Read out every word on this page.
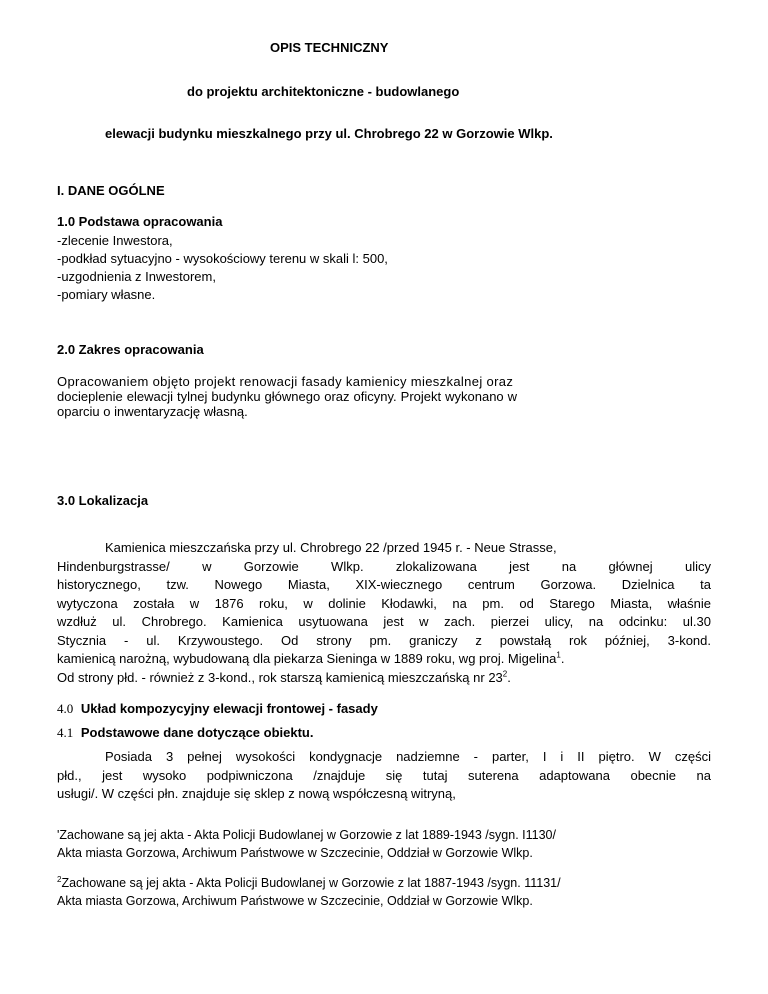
OPIS TECHNICZNY
do projektu architektoniczne - budowlanego
elewacji budynku mieszkalnego przy ul. Chrobrego 22 w Gorzowie Wlkp.
I. DANE OGÓLNE
1.0 Podstawa opracowania
-zlecenie Inwestora,
-podkład sytuacyjno - wysokościowy terenu w skali l: 500,
-uzgodnienia z Inwestorem,
-pomiary własne.
2.0 Zakres opracowania
Opracowaniem objęto projekt renowacji fasady kamienicy mieszkalnej oraz
docieplenie elewacji tylnej budynku głównego oraz oficyny. Projekt wykonano w
oparciu o inwentaryzację własną.
3.0 Lokalizacja
Kamienica mieszczańska przy ul. Chrobrego 22 /przed 1945 r. - Neue Strasse,
Hindenburgstrasse/ w Gorzowie Wlkp. zlokalizowana jest na głównej ulicy
historycznego, tzw. Nowego Miasta, XIX-wiecznego centrum Gorzowa. Dzielnica ta
wytyczona została w 1876 roku, w dolinie Kłodawki, na pm. od Starego Miasta, właśnie
wzdłuż ul. Chrobrego. Kamienica usytuowana jest w zach. pierzei ulicy, na odcinku: ul.30
Stycznia - ul. Krzywoustego. Od strony pm. graniczy z powstałą rok później, 3-kond.
kamienicą narożną, wybudowaną dla piekarza Sieninga w 1889 roku, wg proj. Migelina$^1$.
Od strony płd. - również z 3-kond., rok starszą kamienicą mieszczańską nr $23^2$.
4.0 Układ kompozycyjny elewacji frontowej - fasady
4.1 Podstawowe dane dotyczące obiektu.
Posiada 3 pełnej wysokości kondygnacje nadziemne - parter, I i II piętro. W części
płd., jest wysoko podpiwniczona /znajduje się tutaj suterena adaptowana obecnie na
usługi/. W części płn. znajduje się sklep z nową współczesną witryną,
'Zachowane są jej akta - Akta Policji Budowlanej w Gorzowie z lat 1889-1943 /sygn. I1130/
Akta miasta Gorzowa, Archiwum Państwowe w Szczecinie, Oddział w Gorzowie Wlkp.
$^2$Zachowane są jej akta - Akta Policji Budowlanej w Gorzowie z lat 1887-1943 /sygn. 11131/
Akta miasta Gorzowa, Archiwum Państwowe w Szczecinie, Oddział w Gorzowie Wlkp.
